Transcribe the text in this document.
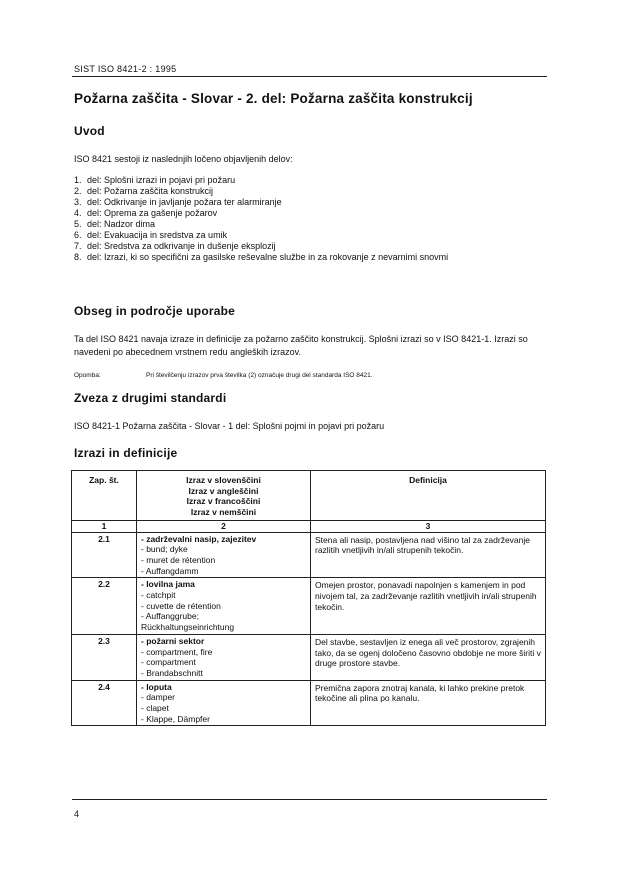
SIST ISO 8421-2 : 1995
Požarna zaščita - Slovar - 2. del: Požarna zaščita konstrukcij
Uvod

ISO 8421 sestoji iz naslednjih ločeno objavljenih delov:

1. del: Splošni izrazi in pojavi pri požaru
2. del: Požarna zaščita konstrukcij
3. del: Odkrivanje in javljanje požara ter alarmiranje
4. del: Oprema za gašenje požarov
5. del: Nadzor dima
6. del: Evakuacija in sredstva za umik
7. del: Sredstva za odkrivanje in dušenje eksplozij
8. del: Izrazi, ki so specifični za gasilske reševalne službe in za rokovanje z nevarnimi snovmi
Obseg in področje uporabe

Ta del ISO 8421 navaja izraze in definicije za požarno zaščito konstrukcij. Splošni izrazi so v ISO 8421-1. Izrazi so navedeni po abecednem vrstnem redu angleških izrazov.

Opomba:	Pri številčenju izrazov prva številka (2) označuje drugi del standarda ISO 8421.
Zveza z drugimi standardi

ISO 8421-1 Požarna zaščita - Slovar - 1 del: Splošni pojmi in pojavi pri požaru

Izrazi in definicije
Zap. št.	Izraz v slovenščini
Izraz v angleščini
Izraz v francoščini
Izraz v nemščini	Definicija
1	2	3
2.1	- zadrževalni nasip, zajezitev
- bund; dyke
- muret de rétention
- Auffangdamm	Stena ali nasip, postavljena nad višino tal za zadrževanje razlitih vnetljivih in/ali strupenih tekočin.
2.2	- lovilna jama
- catchpit
- cuvette de rétention
- Auffanggrube;
Rückhaltungseinrichtung	Omejen prostor, ponavadi napolnjen s kamenjem in pod nivojem tal, za zadrževanje razlitih vnetljivih in/ali strupenih tekočin.
2.3	- požarni sektor
- compartment, fire
- compartment
- Brandabschnitt	Del stavbe, sestavljen iz enega ali več prostorov, zgrajenih tako, da se ogenj določeno časovno obdobje ne more širiti v druge prostore stavbe.
2.4	- loputa
- damper
- clapet
- Klappe, Dämpfer	Premična zapora znotraj kanala, ki lahko prekine pretok tekočine ali plina po kanalu.
4
